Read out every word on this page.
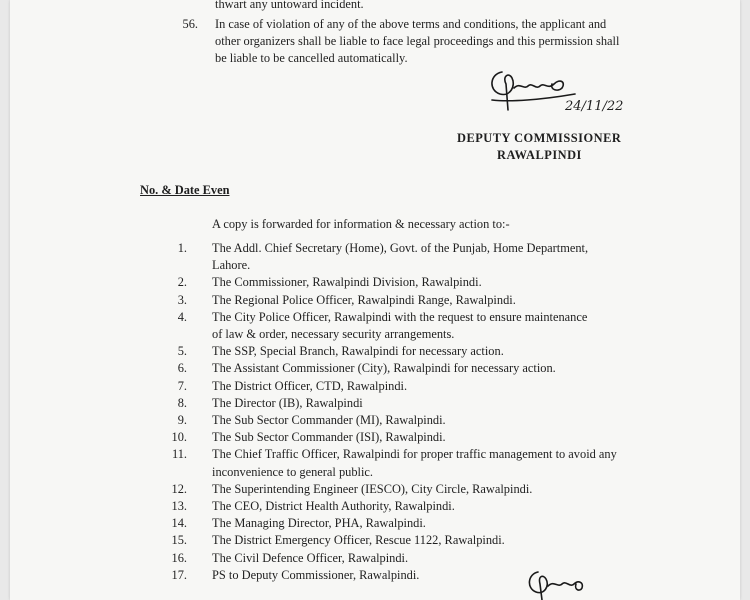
thwart any untoward incident.
56. In case of violation of any of the above terms and conditions, the applicant and
other organizers shall be liable to face legal proceedings and this permission shall
be liable to be cancelled automatically.
24/11/22
DEPUTY COMMISSIONER
RAWALPINDI
No. & Date Even
A copy is forwarded for information & necessary action to:-
1. The Addl. Chief Secretary (Home), Govt. of the Punjab, Home Department,
Lahore.
2. The Commissioner, Rawalpindi Division, Rawalpindi.
3. The Regional Police Officer, Rawalpindi Range, Rawalpindi.
4. The City Police Officer, Rawalpindi with the request to ensure maintenance
of law & order, necessary security arrangements.
5. The SSP, Special Branch, Rawalpindi for necessary action.
6. The Assistant Commissioner (City), Rawalpindi for necessary action.
7. The District Officer, CTD, Rawalpindi.
8. The Director (IB), Rawalpindi
9. The Sub Sector Commander (MI), Rawalpindi.
10. The Sub Sector Commander (ISI), Rawalpindi.
11. The Chief Traffic Officer, Rawalpindi for proper traffic management to avoid any
inconvenience to general public.
12. The Superintending Engineer (IESCO), City Circle, Rawalpindi.
13. The CEO, District Health Authority, Rawalpindi.
14. The Managing Director, PHA, Rawalpindi.
15. The District Emergency Officer, Rescue 1122, Rawalpindi.
16. The Civil Defence Officer, Rawalpindi.
17. PS to Deputy Commissioner, Rawalpindi.
